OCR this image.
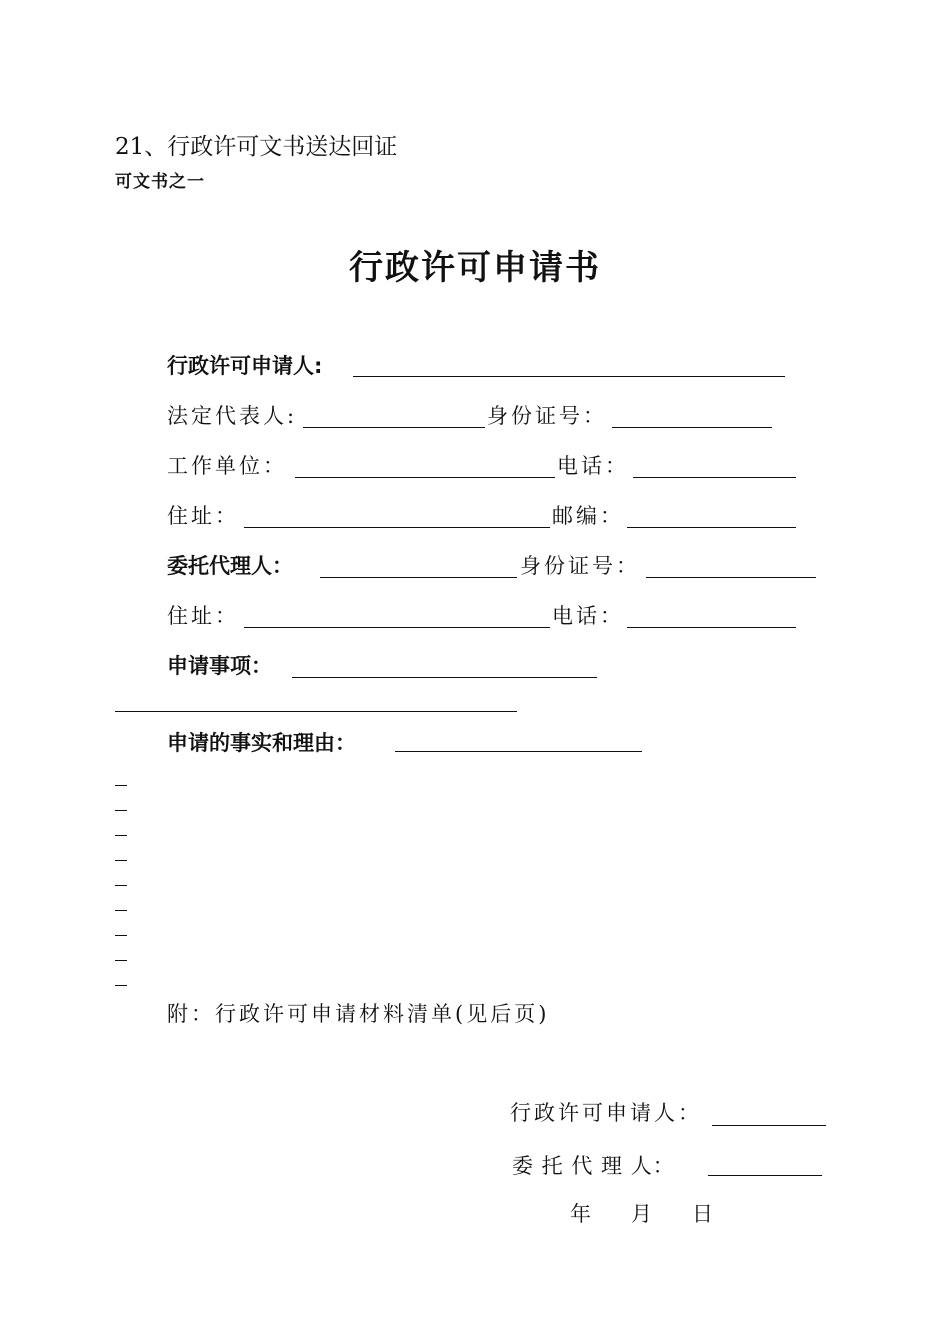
21、行政许可文书送达回证
可文书之一
行政许可申请书
行政许可申请人:
法定代表人:	身份证号：
工作单位：	电话：
住址：	邮编：
委托代理人：	身份证号：
住址：	电话：
申请事项：
申请的事实和理由：
附：行政许可申请材料清单(见后页)
行政许可申请人：
委 托 代 理 人：
年 月 日
